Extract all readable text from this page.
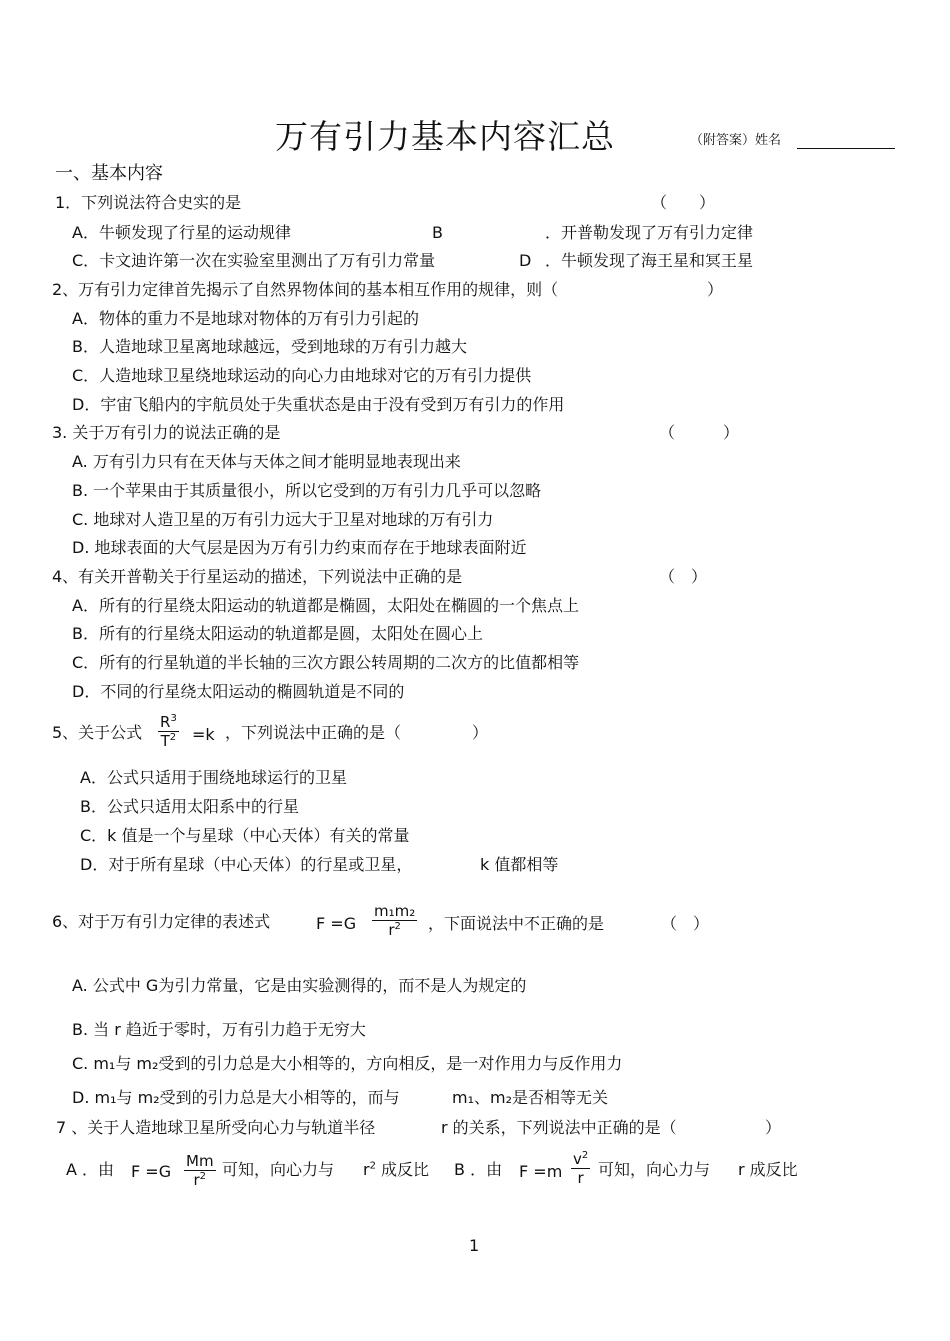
万有引力基本内容汇总	（附答案） 姓名
一、基本内容
1．下列说法符合史实的是	（　　）
A．牛顿发现了行星的运动规律	B	．开普勒发现了万有引力定律
C．卡文迪许第一次在实验室里测出了万有引力常量	D ．牛顿发现了海王星和冥王星
2、万有引力定律首先揭示了自然界物体间的基本相互作用的规律，则（	）
A．物体的重力不是地球对物体的万有引力引起的
B．人造地球卫星离地球越远，受到地球的万有引力越大
C．人造地球卫星绕地球运动的向心力由地球对它的万有引力提供
D．宇宙飞船内的宇航员处于失重状态是由于没有受到万有引力的作用
3. 关于万有引力的说法正确的是	（　　　）
A. 万有引力只有在天体与天体之间才能明显地表现出来
B. 一个苹果由于其质量很小，所以它受到的万有引力几乎可以忽略
C. 地球对人造卫星的万有引力远大于卫星对地球的万有引力
D. 地球表面的大气层是因为万有引力约束而存在于地球表面附近
4、有关开普勒关于行星运动的描述，下列说法中正确的是	（　）
A．所有的行星绕太阳运动的轨道都是椭圆，太阳处在椭圆的一个焦点上
B．所有的行星绕太阳运动的轨道都是圆，太阳处在圆心上
C．所有的行星轨道的半长轴的三次方跟公转周期的二次方的比值都相等
D．不同的行星绕太阳运动的椭圆轨道是不同的
5、关于公式 $\frac{R^3}{T^2} =k$ ，下列说法中正确的是（	）
A．公式只适用于围绕地球运行的卫星
B．公式只适用太阳系中的行星
C．k 值是一个与星球（中心天体）有关的常量
D．对于所有星球（中心天体）的行星或卫星，	k 值都相等
6、对于万有引力定律的表述式	$F =G \frac{\text{m₁m₂}}{r^2}$ ，下面说法中不正确的是	（　）
A. 公式中 G为引力常量，它是由实验测得的，而不是人为规定的
B. 当 r 趋近于零时，万有引力趋于无穷大
C. m₁与 m₂受到的引力总是大小相等的，方向相反，是一对作用力与反作用力
D. m₁与 m₂受到的引力总是大小相等的，而与	m₁、m₂是否相等无关
7 、关于人造地球卫星所受向心力与轨道半径	r 的关系，下列说法中正确的是（	）
A ．由 $F =G \frac{Mm}{r^2}$ 可知，向心力与 $r^2$ 成反比 B ．由 $F =m \frac{v^2}{r}$ 可知，向心力与 r 成反比
1
